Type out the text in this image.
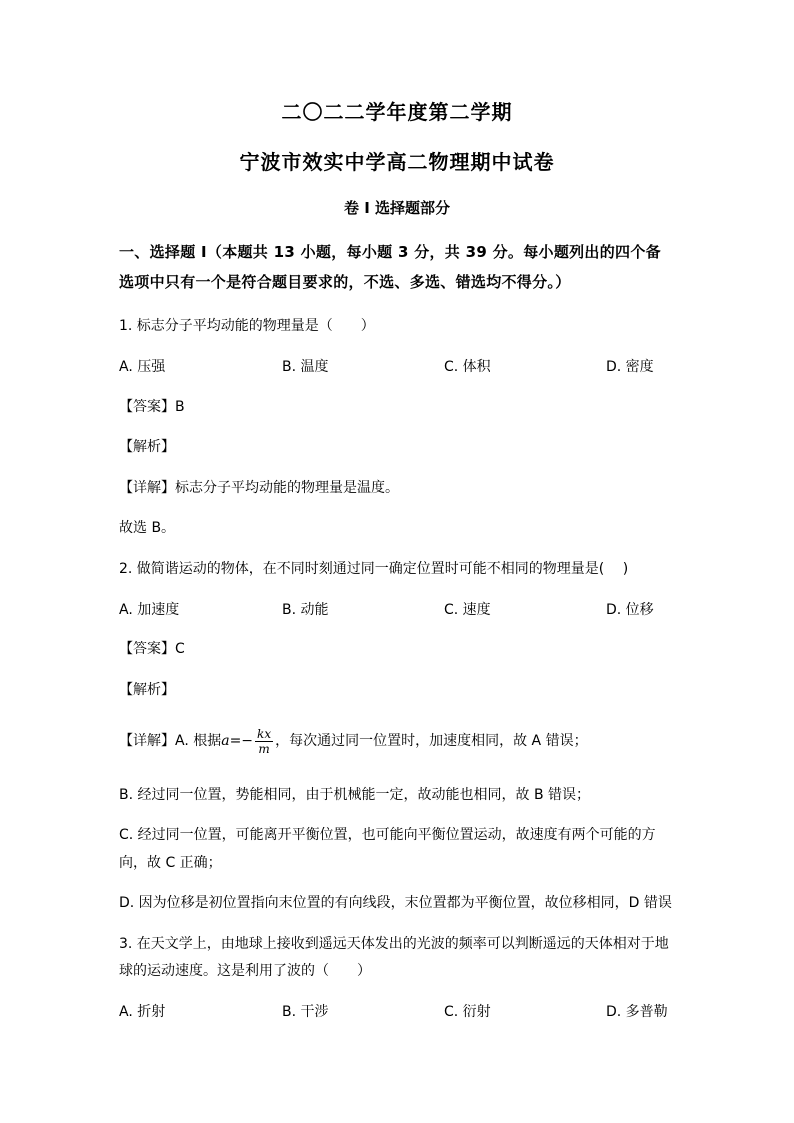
二〇二二学年度第二学期
宁波市效实中学高二物理期中试卷
卷 I 选择题部分
一、选择题 I（本题共 13 小题，每小题 3 分，共 39 分。每小题列出的四个备
选项中只有一个是符合题目要求的，不选、多选、错选均不得分。）
1. 标志分子平均动能的物理量是（　　）
A. 压强	B. 温度	C. 体积	D. 密度
【答案】B
【解析】
【详解】标志分子平均动能的物理量是温度。
故选 B。
2. 做简谐运动的物体，在不同时刻通过同一确定位置时可能不相同的物理量是(　 )
A. 加速度	B. 动能	C. 速度	D. 位移
【答案】C
【解析】
【详解】A. 根据$a=- \frac{kx}{m}$ ，每次通过同一位置时，加速度相同，故 A 错误；
B. 经过同一位置，势能相同，由于机械能一定，故动能也相同，故 B 错误；
C. 经过同一位置，可能离开平衡位置，也可能向平衡位置运动，故速度有两个可能的方
向，故 C 正确；
D. 因为位移是初位置指向末位置的有向线段，末位置都为平衡位置，故位移相同，D 错误
3. 在天文学上，由地球上接收到遥远天体发出的光波的频率可以判断遥远的天体相对于地
球的运动速度。这是利用了波的（　　）
A. 折射	B. 干涉	C. 衍射	D. 多普勒
